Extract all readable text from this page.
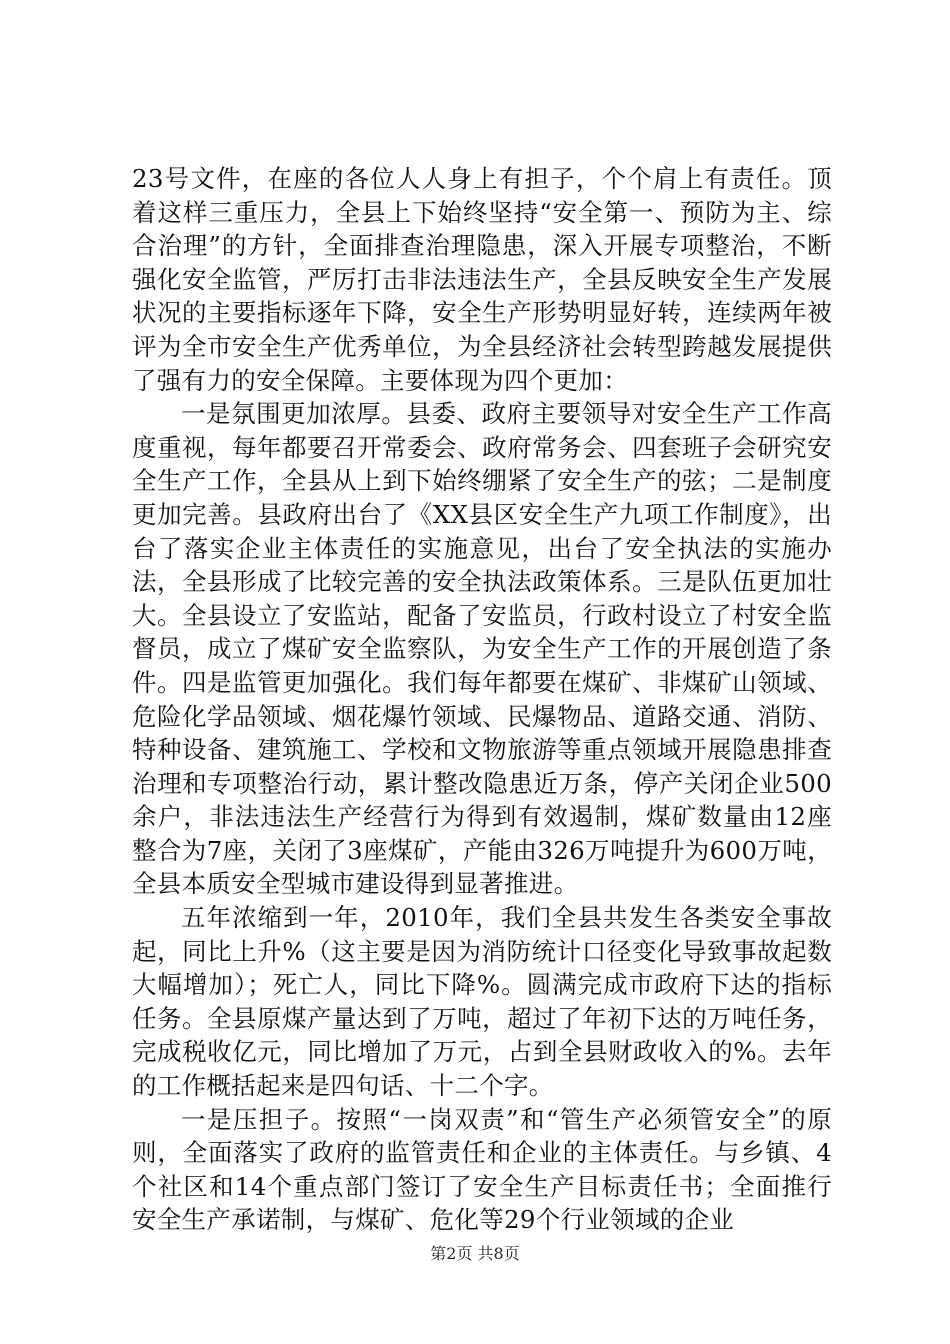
23号文件，在座的各位人人身上有担子，个个肩上有责任。顶着这样三重压力，全县上下始终坚持“安全第一、预防为主、综合治理”的方针，全面排查治理隐患，深入开展专项整治，不断强化安全监管，严厉打击非法违法生产，全县反映安全生产发展状况的主要指标逐年下降，安全生产形势明显好转，连续两年被评为全市安全生产优秀单位，为全县经济社会转型跨越发展提供了强有力的安全保障。主要体现为四个更加：

一是氛围更加浓厚。县委、政府主要领导对安全生产工作高度重视，每年都要召开常委会、政府常务会、四套班子会研究安全生产工作，全县从上到下始终绷紧了安全生产的弦；二是制度更加完善。县政府出台了《XX县区安全生产九项工作制度》，出台了落实企业主体责任的实施意见，出台了安全执法的实施办法，全县形成了比较完善的安全执法政策体系。三是队伍更加壮大。全县设立了安监站，配备了安监员，行政村设立了村安全监督员，成立了煤矿安全监察队，为安全生产工作的开展创造了条件。四是监管更加强化。我们每年都要在煤矿、非煤矿山领域、危险化学品领域、烟花爆竹领域、民爆物品、道路交通、消防、特种设备、建筑施工、学校和文物旅游等重点领域开展隐患排查治理和专项整治行动，累计整改隐患近万条，停产关闭企业500余户，非法违法生产经营行为得到有效遏制，煤矿数量由12座整合为7座，关闭了3座煤矿，产能由326万吨提升为600万吨，全县本质安全型城市建设得到显著推进。

五年浓缩到一年，2010年，我们全县共发生各类安全事故起，同比上升%（这主要是因为消防统计口径变化导致事故起数大幅增加）；死亡人，同比下降%。圆满完成市政府下达的指标任务。全县原煤产量达到了万吨，超过了年初下达的万吨任务，完成税收亿元，同比增加了万元，占到全县财政收入的%。去年的工作概括起来是四句话、十二个字。

一是压担子。按照“一岗双责”和“管生产必须管安全”的原则，全面落实了政府的监管责任和企业的主体责任。与乡镇、4个社区和14个重点部门签订了安全生产目标责任书；全面推行安全生产承诺制，与煤矿、危化等29个行业领域的企业

第2页 共8页
